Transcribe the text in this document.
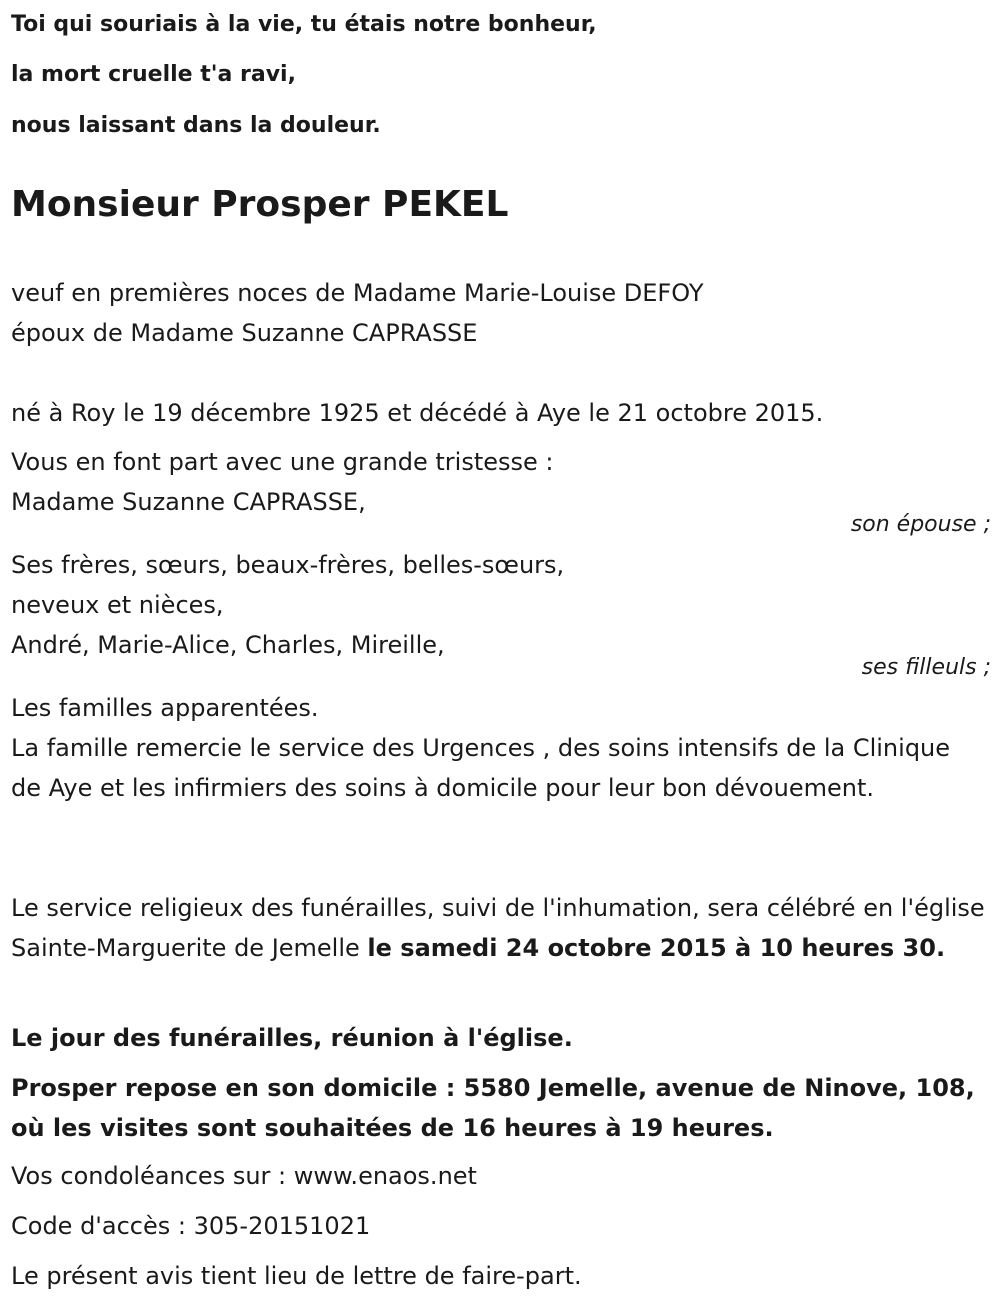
Toi qui souriais à la vie, tu étais notre bonheur,
la mort cruelle t'a ravi,
nous laissant dans la douleur.
Monsieur Prosper PEKEL
veuf en premières noces de Madame Marie-Louise DEFOY
époux de Madame Suzanne CAPRASSE
né à Roy le 19 décembre 1925 et décédé à Aye le 21 octobre 2015.
Vous en font part avec une grande tristesse :
Madame Suzanne CAPRASSE,
son épouse ;
Ses frères, sœurs, beaux-frères, belles-sœurs,
neveux et nièces,
André, Marie-Alice, Charles, Mireille,
ses filleuls ;
Les familles apparentées.
La famille remercie le service des Urgences , des soins intensifs de la Clinique de Aye et les infirmiers des soins à domicile pour leur bon dévouement.
Le service religieux des funérailles, suivi de l'inhumation, sera célébré en l'église Sainte-Marguerite de Jemelle le samedi 24 octobre 2015 à 10 heures 30.
Le jour des funérailles, réunion à l'église.
Prosper repose en son domicile : 5580 Jemelle, avenue de Ninove, 108, où les visites sont souhaitées de 16 heures à 19 heures.
Vos condoléances sur : www.enaos.net
Code d'accès : 305-20151021
Le présent avis tient lieu de lettre de faire-part.
